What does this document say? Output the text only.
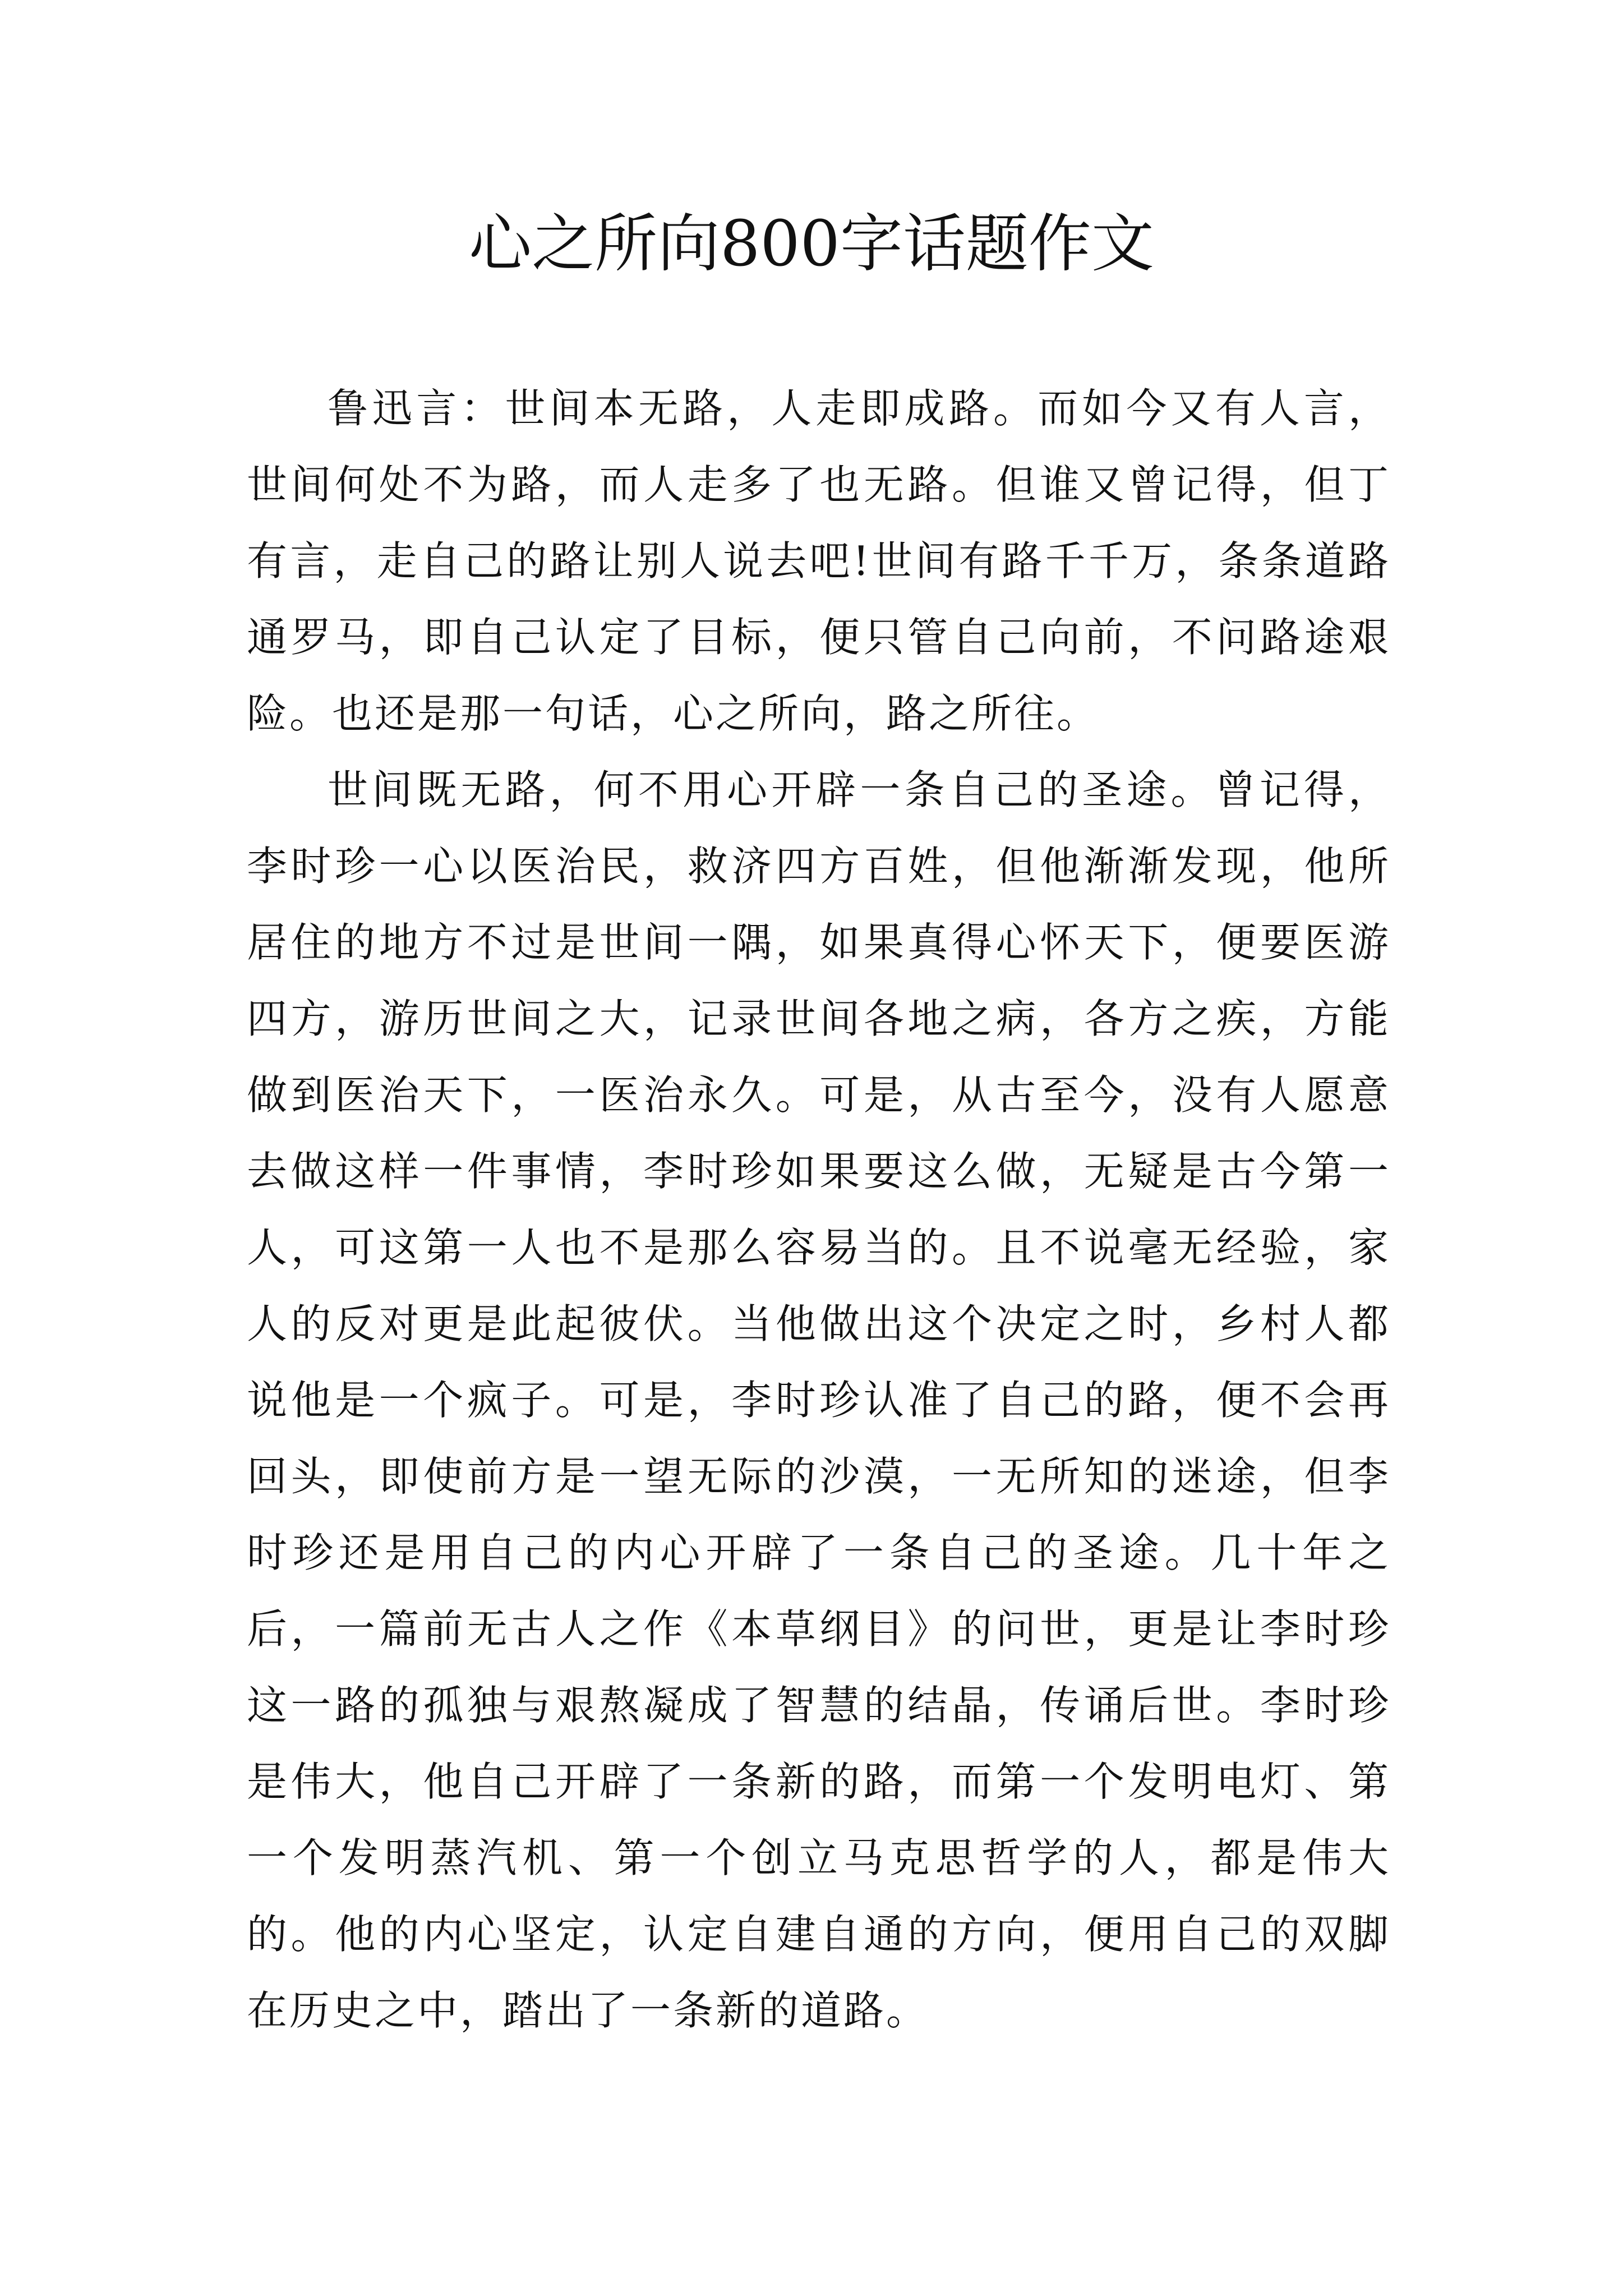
心之所向800字话题作文

鲁迅言：世间本无路，人走即成路。而如今又有人言，世间何处不为路，而人走多了也无路。但谁又曾记得，但丁有言，走自己的路让别人说去吧!世间有路千千万，条条道路通罗马，即自己认定了目标，便只管自己向前，不问路途艰险。也还是那一句话，心之所向，路之所往。

世间既无路，何不用心开辟一条自己的圣途。曾记得，李时珍一心以医治民，救济四方百姓，但他渐渐发现，他所居住的地方不过是世间一隅，如果真得心怀天下，便要医游四方，游历世间之大，记录世间各地之病，各方之疾，方能做到医治天下，一医治永久。可是，从古至今，没有人愿意去做这样一件事情，李时珍如果要这么做，无疑是古今第一人，可这第一人也不是那么容易当的。且不说毫无经验，家人的反对更是此起彼伏。当他做出这个决定之时，乡村人都说他是一个疯子。可是，李时珍认准了自己的路，便不会再回头，即使前方是一望无际的沙漠，一无所知的迷途，但李时珍还是用自己的内心开辟了一条自己的圣途。几十年之后，一篇前无古人之作《本草纲目》的问世，更是让李时珍这一路的孤独与艰熬凝成了智慧的结晶，传诵后世。李时珍是伟大，他自己开辟了一条新的路，而第一个发明电灯、第一个发明蒸汽机、第一个创立马克思哲学的人，都是伟大的。他的内心坚定，认定自建自通的方向，便用自己的双脚在历史之中，踏出了一条新的道路。
